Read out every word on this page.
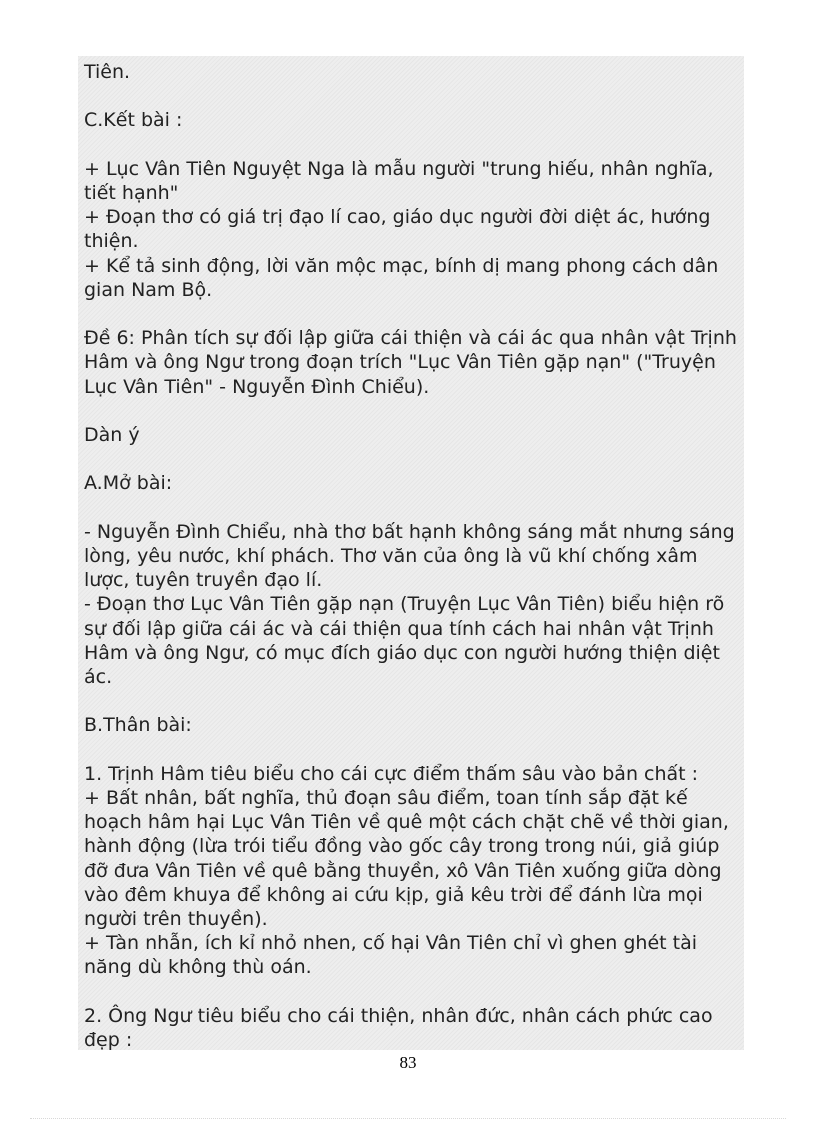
Tiên.
C.Kết bài :
+ Lục Vân Tiên Nguyệt Nga là mẫu người "trung hiếu, nhân nghĩa,
tiết hạnh"
+ Đoạn thơ có giá trị đạo lí cao, giáo dục người đời diệt ác, hướng
thiện.
+ Kể tả sinh động, lời văn mộc mạc, bính dị mang phong cách dân
gian Nam Bộ.
Đề 6: Phân tích sự đối lập giữa cái thiện và cái ác qua nhân vật Trịnh
Hâm và ông Ngư trong đoạn trích "Lục Vân Tiên gặp nạn" ("Truyện
Lục Vân Tiên" - Nguyễn Đình Chiểu).
Dàn ý
A.Mở bài:
- Nguyễn Đình Chiểu, nhà thơ bất hạnh không sáng mắt nhưng sáng
lòng, yêu nước, khí phách. Thơ văn của ông là vũ khí chống xâm
lược, tuyên truyền đạo lí.
- Đoạn thơ Lục Vân Tiên gặp nạn (Truyện Lục Vân Tiên) biểu hiện rõ
sự đối lập giữa cái ác và cái thiện qua tính cách hai nhân vật Trịnh
Hâm và ông Ngư, có mục đích giáo dục con người hướng thiện diệt
ác.
B.Thân bài:
1. Trịnh Hâm tiêu biểu cho cái cực điểm thấm sâu vào bản chất :
+ Bất nhân, bất nghĩa, thủ đoạn sâu điểm, toan tính sắp đặt kế
hoạch hâm hại Lục Vân Tiên về quê một cách chặt chẽ về thời gian,
hành động (lừa trói tiểu đồng vào gốc cây trong trong núi, giả giúp
đỡ đưa Vân Tiên về quê bằng thuyền, xô Vân Tiên xuống giữa dòng
vào đêm khuya để không ai cứu kịp, giả kêu trời để đánh lừa mọi
người trên thuyền).
+ Tàn nhẫn, ích kỉ nhỏ nhen, cố hại Vân Tiên chỉ vì ghen ghét tài
năng dù không thù oán.
2. Ông Ngư tiêu biểu cho cái thiện, nhân đức, nhân cách phức cao
đẹp :
83
